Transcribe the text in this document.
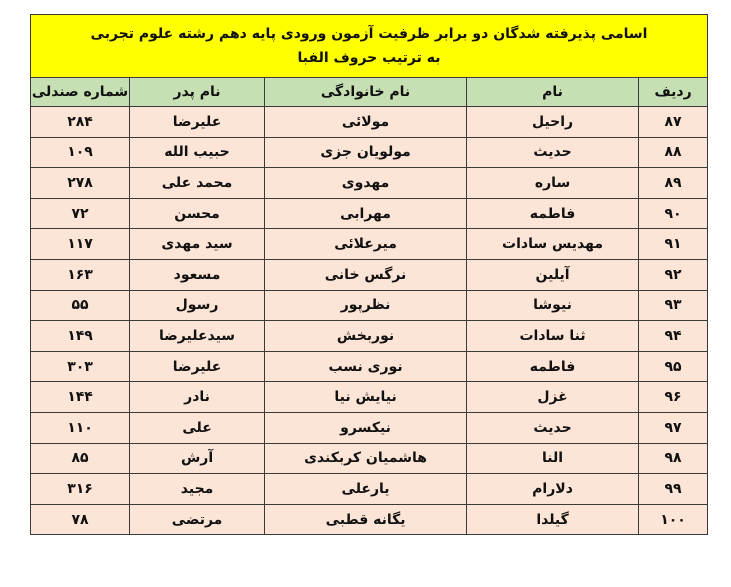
اسامی پذیرفته شدگان دو برابر ظرفیت آزمون ورودی پایه دهم رشته علوم تجربی
به ترتیب حروف الفبا				

ردیف	نام	نام خانوادگی	نام پدر	شماره صندلی
۸۷	راحیل	مولائی	علیرضا	۲۸۴
۸۸	حدیث	مولویان جزی	حبیب الله	۱۰۹
۸۹	ساره	مهدوی	محمد علی	۲۷۸
۹۰	فاطمه	مهرابی	محسن	۷۲
۹۱	مهدیس سادات	میرعلائی	سید مهدی	۱۱۷
۹۲	آیلین	نرگس خانی	مسعود	۱۶۳
۹۳	نیوشا	نظرپور	رسول	۵۵
۹۴	ثنا سادات	نوربخش	سیدعلیرضا	۱۴۹
۹۵	فاطمه	نوری نسب	علیرضا	۳۰۳
۹۶	غزل	نیایش نیا	نادر	۱۴۴
۹۷	حدیث	نیکسرو	علی	۱۱۰
۹۸	النا	هاشمیان کربکندی	آرش	۸۵
۹۹	دلارام	یارعلی	مجید	۳۱۶
۱۰۰	گیلدا	یگانه قطبی	مرتضی	۷۸
